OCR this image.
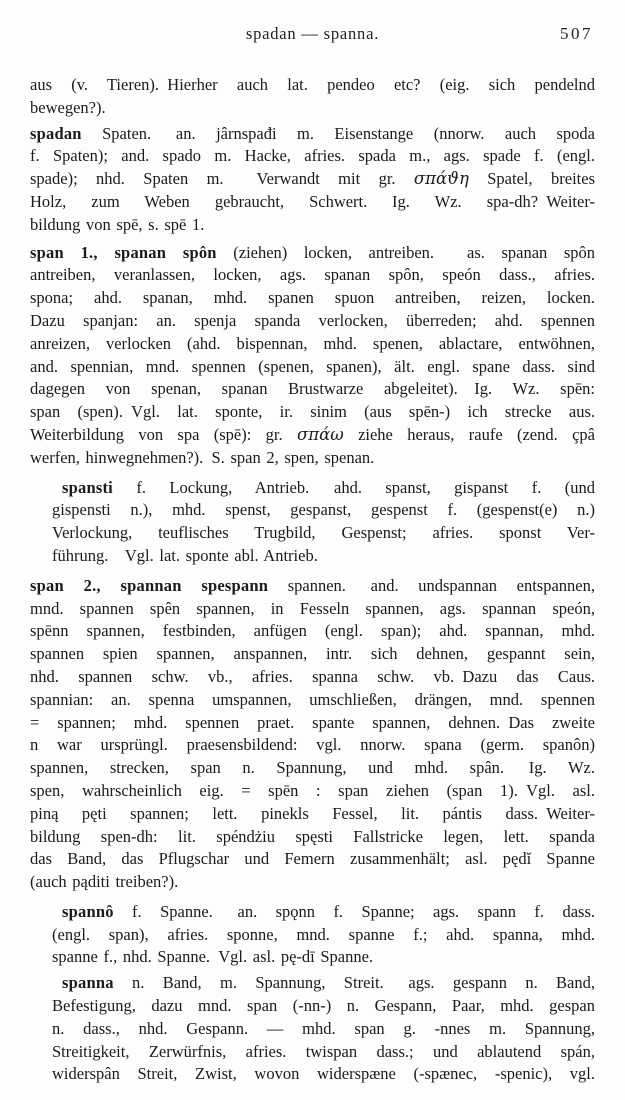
spadan — spanna.	507
aus (v. Tieren). Hierher auch lat. pendeo etc? (eig. sich pendelnd
bewegen?).
spadan Spaten.  an. jârnspađi m. Eisenstange (nnorw. auch spoda
f. Spaten); and. spado m. Hacke, afries. spada m., ags. spade f. (engl.
spade); nhd. Spaten m.  Verwandt mit gr. σπάϑη Spatel, breites
Holz, zum Weben gebraucht, Schwert.  Ig. Wz. spa-dh? Weiter-
bildung von spē, s. spē 1.
span 1., spanan spôn (ziehen) locken, antreiben.  as. spanan spôn
antreiben, veranlassen, locken, ags. spanan spôn, speón dass., afries.
spona; ahd. spanan, mhd. spanen spuon antreiben, reizen, locken.
Dazu spanjan: an. spenja spanda verlocken, überreden; ahd. spennen
anreizen, verlocken (ahd. bispennan, mhd. spenen, ablactare, entwöhnen,
and. spennian, mnd. spennen (spenen, spanen), ält. engl. spane dass. sind
dagegen von spenan, spanan Brustwarze abgeleitet). Ig. Wz. spēn:
span (spen). Vgl. lat. sponte, ir. sinim (aus spēn-) ich strecke aus.
Weiterbildung von spa (spē): gr. σπάω ziehe heraus, raufe (zend. çpâ
werfen, hinwegnehmen?). S. span 2, spen, spenan.
spansti f. Lockung, Antrieb.  ahd. spanst, gispanst f. (und
gispensti n.), mhd. spenst, gespanst, gespenst f. (gespenst(e) n.)
Verlockung, teuflisches Trugbild, Gespenst; afries. sponst Ver-
führung. Vgl. lat. sponte abl. Antrieb.
span 2., spannan spespann spannen.  and. undspannan entspannen,
mnd. spannen spên spannen, in Fesseln spannen, ags. spannan speón,
spēnn spannen, festbinden, anfügen (engl. span); ahd. spannan, mhd.
spannen spien spannen, anspannen, intr. sich dehnen, gespannt sein,
nhd. spannen schw. vb., afries. spanna schw. vb. Dazu das Caus.
spannian: an. spenna umspannen, umschließen, drängen, mnd. spennen
= spannen; mhd. spennen praet. spante spannen, dehnen. Das zweite
n war ursprüngl. praesensbildend: vgl. nnorw. spana (germ. spanôn)
spannen, strecken, span n. Spannung, und mhd. spân.  Ig. Wz.
spen, wahrscheinlich eig. = spēn : span ziehen (span 1). Vgl. asl.
piną pęti spannen; lett. pinekls Fessel, lit. pántis dass. Weiter-
bildung spen-dh: lit. spéndżiu spęsti Fallstricke legen, lett. spanda
das Band, das Pflugschar und Femern zusammenhält; asl. pędĭ Spanne
(auch pąditi treiben?).
spannô f. Spanne.  an. spǫnn f. Spanne; ags. spann f. dass.
(engl. span), afries. sponne, mnd. spanne f.; ahd. spanna, mhd.
spanne f., nhd. Spanne. Vgl. asl. pę-dī Spanne.
spanna n. Band, m. Spannung, Streit.  ags. gespann n. Band,
Befestigung, dazu mnd. span (-nn-) n. Gespann, Paar, mhd. gespan
n. dass., nhd. Gespann. — mhd. span g. -nnes m. Spannung,
Streitigkeit, Zerwürfnis, afries. twispan dass.; und ablautend spán,
widerspân Streit, Zwist, wovon widerspæne (-spænec, -spenic), vgl.
